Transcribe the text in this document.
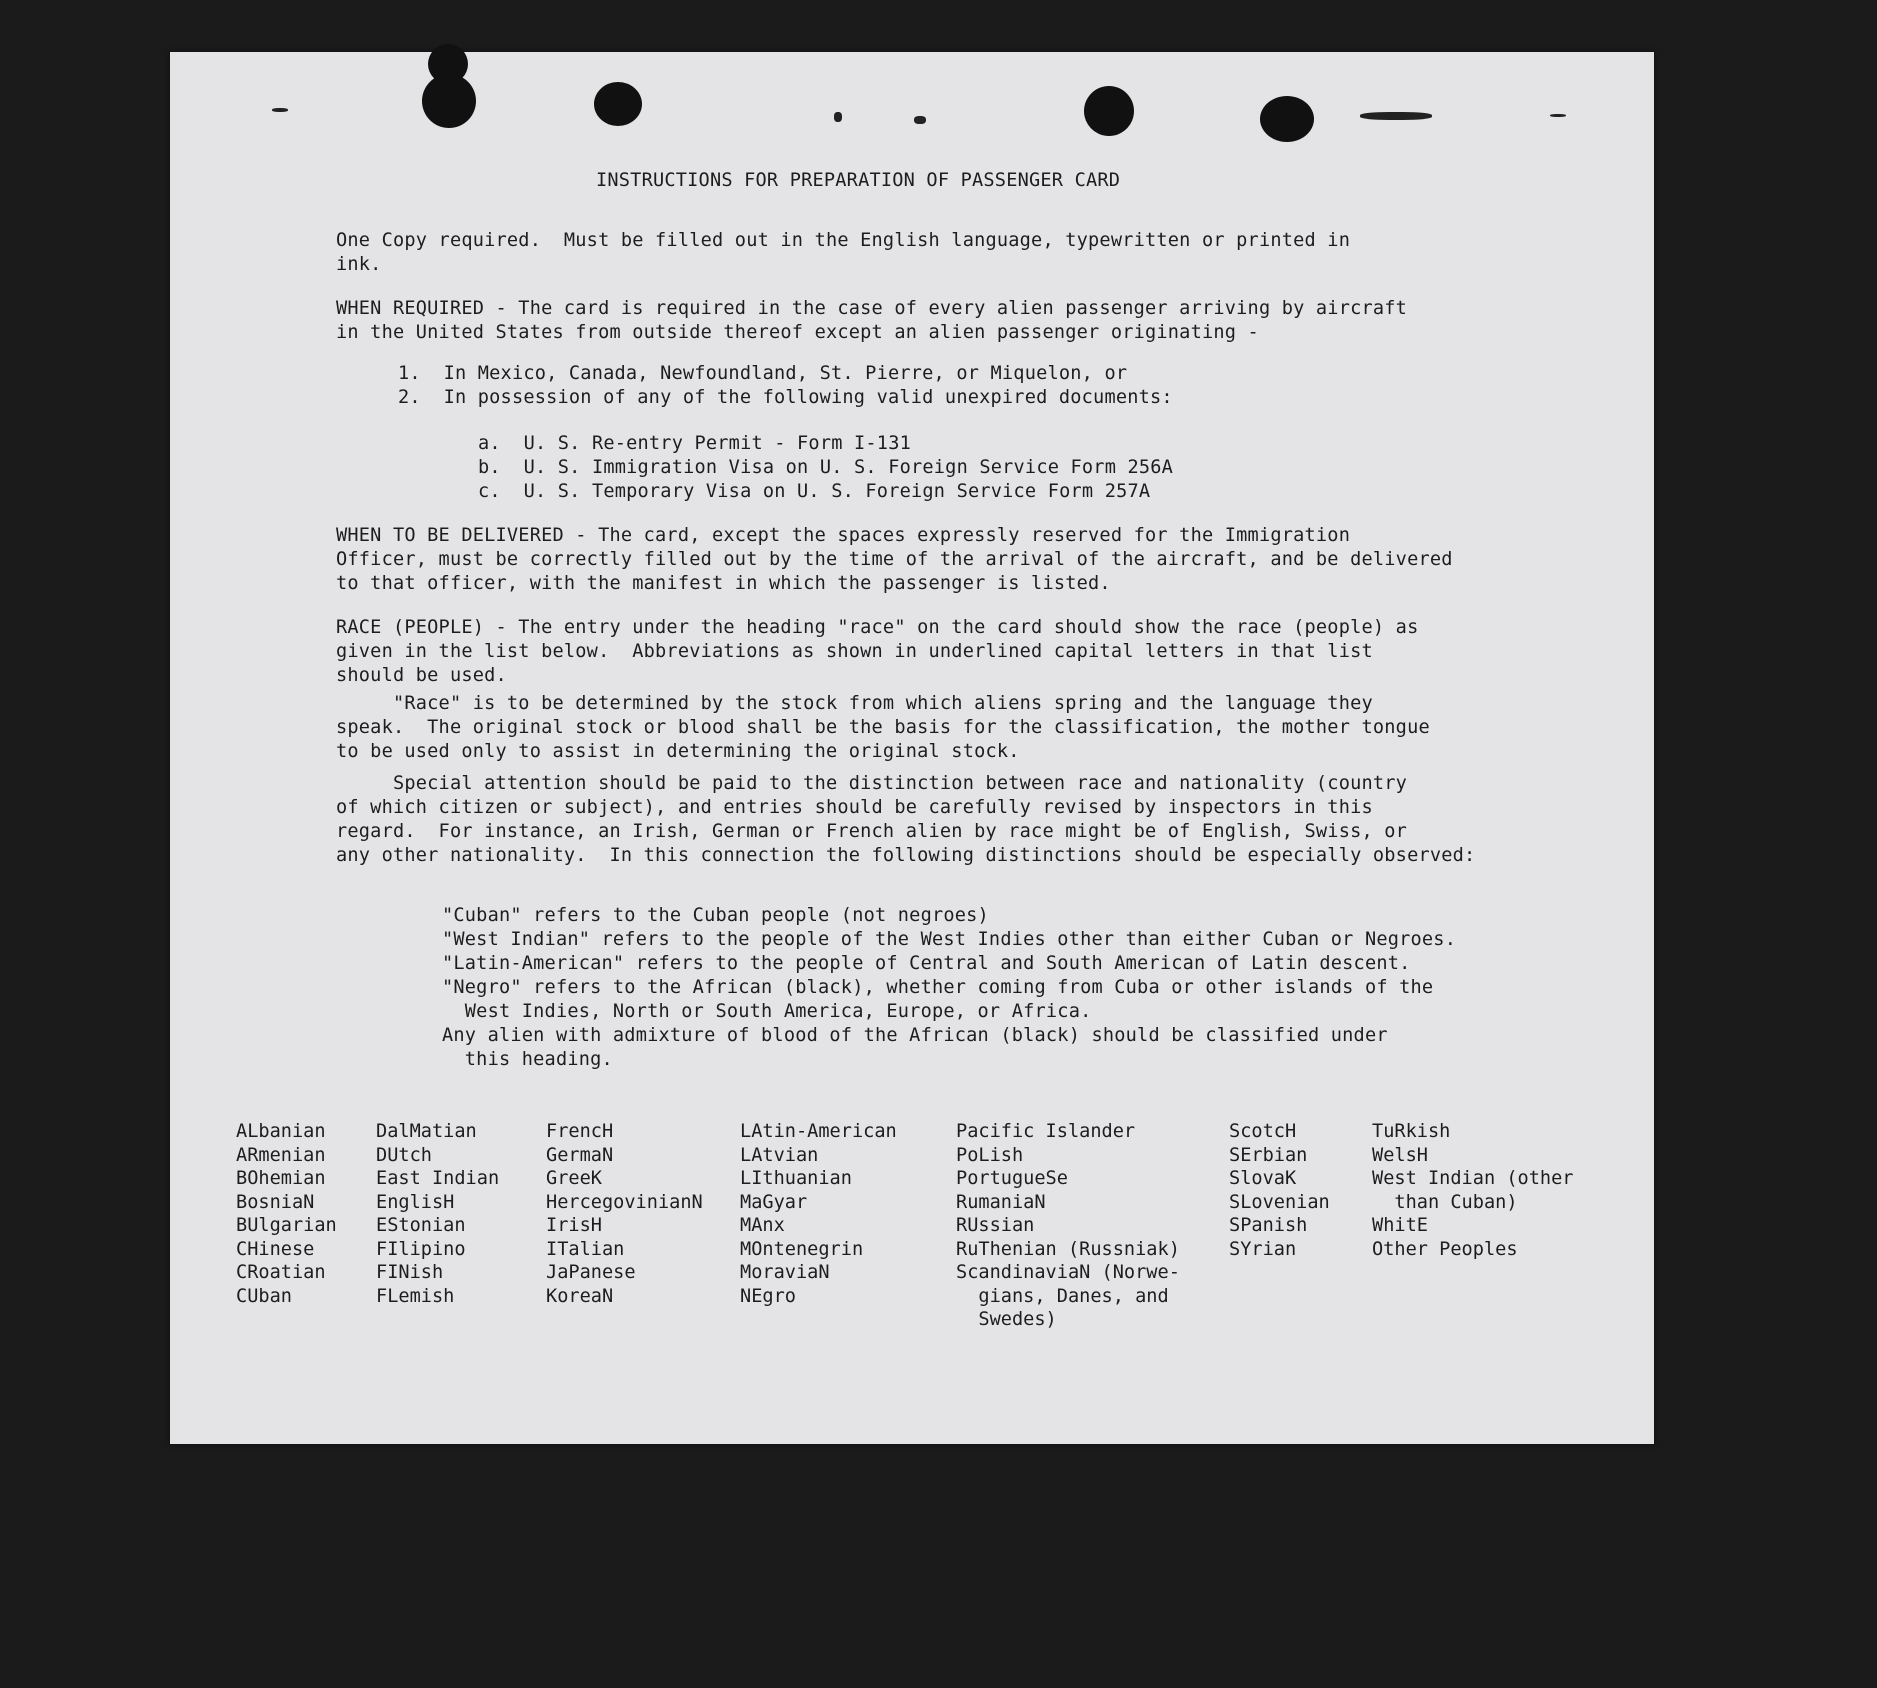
INSTRUCTIONS FOR PREPARATION OF PASSENGER CARD
One Copy required.  Must be filled out in the English language, typewritten or printed in
ink.
WHEN REQUIRED - The card is required in the case of every alien passenger arriving by aircraft
in the United States from outside thereof except an alien passenger originating -
1.  In Mexico, Canada, Newfoundland, St. Pierre, or Miquelon, or
2.  In possession of any of the following valid unexpired documents:
a.  U. S. Re-entry Permit - Form I-131
b.  U. S. Immigration Visa on U. S. Foreign Service Form 256A
c.  U. S. Temporary Visa on U. S. Foreign Service Form 257A
WHEN TO BE DELIVERED - The card, except the spaces expressly reserved for the Immigration
Officer, must be correctly filled out by the time of the arrival of the aircraft, and be delivered
to that officer, with the manifest in which the passenger is listed.
RACE (PEOPLE) - The entry under the heading "race" on the card should show the race (people) as
given in the list below.  Abbreviations as shown in underlined capital letters in that list
should be used.
"Race" is to be determined by the stock from which aliens spring and the language they
speak.  The original stock or blood shall be the basis for the classification, the mother tongue
to be used only to assist in determining the original stock.
Special attention should be paid to the distinction between race and nationality (country
of which citizen or subject), and entries should be carefully revised by inspectors in this
regard.  For instance, an Irish, German or French alien by race might be of English, Swiss, or
any other nationality.  In this connection the following distinctions should be especially observed:
"Cuban" refers to the Cuban people (not negroes)
"West Indian" refers to the people of the West Indies other than either Cuban or Negroes.
"Latin-American" refers to the people of Central and South American of Latin descent.
"Negro" refers to the African (black), whether coming from Cuba or other islands of the
West Indies, North or South America, Europe, or Africa.
Any alien with admixture of blood of the African (black) should be classified under
this heading.
ALbanian
ARmenian
BOhemian
BosniaN
BUlgarian
CHinese
CRoatian
CUban
DalMatian
DUtch
East Indian
EnglisH
EStonian
FIlipino
FINish
FLemish
FrencH
GermaN
GreeK
HercegovinianN
IrisH
ITalian
JaPanese
KoreaN
LAtin-American
LAtvian
LIthuanian
MaGyar
MAnx
MOntenegrin
MoraviaN
NEgro
Pacific Islander
PoLish
PortugueSe
RumaniaN
RUssian
RuThenian (Russniak)
ScandinaviaN (Norwe-
gians, Danes, and
Swedes)
ScotcH
SErbian
SlovaK
SLovenian
SPanish
SYrian
TuRkish
WelsH
West Indian (other
than Cuban)
WhitE
Other Peoples
